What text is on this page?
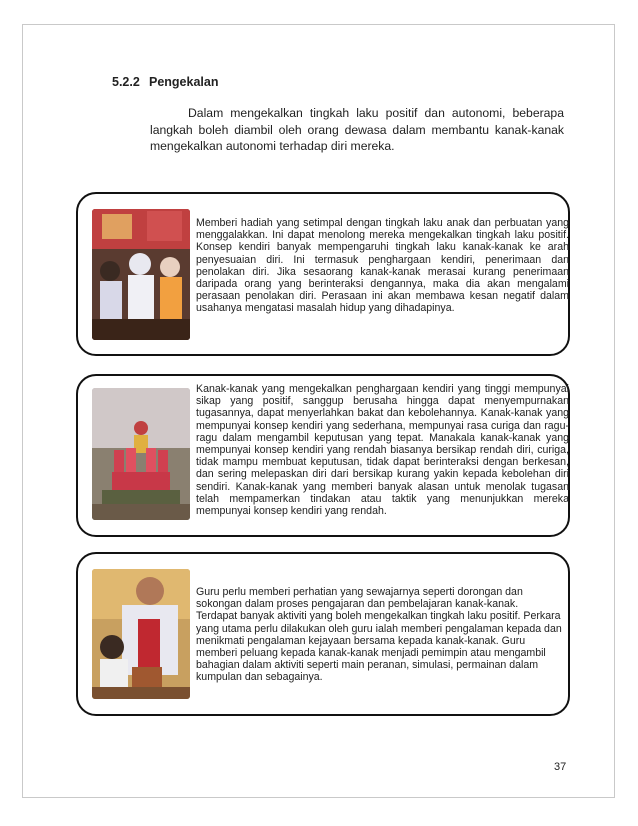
5.2.2 Pengekalan

Dalam mengekalkan tingkah laku positif dan autonomi, beberapa langkah boleh diambil oleh orang dewasa dalam membantu kanak-kanak mengekalkan autonomi terhadap diri mereka.

Memberi hadiah yang setimpal dengan tingkah laku anak dan perbuatan yang menggalakkan. Ini dapat menolong mereka mengekalkan tingkah laku positif. Konsep kendiri banyak mempengaruhi tingkah laku kanak-kanak ke arah penyesuaian diri. Ini termasuk penghargaan kendiri, penerimaan dan penolakan diri. Jika sesaorang kanak-kanak merasai kurang penerimaan daripada orang yang berinteraksi dengannya, maka dia akan mengalami perasaan penolakan diri. Perasaan ini akan membawa kesan negatif dalam usahanya mengatasi masalah hidup yang dihadapinya.

Kanak-kanak yang mengekalkan penghargaan kendiri yang tinggi mempunyai sikap yang positif, sanggup berusaha hingga dapat menyempurnakan tugasannya, dapat menyerlahkan bakat dan kebolehannya. Kanak-kanak yang mempunyai konsep kendiri yang sederhana, mempunyai rasa curiga dan ragu-ragu dalam mengambil keputusan yang tepat. Manakala kanak-kanak yang mempunyai konsep kendiri yang rendah biasanya bersikap rendah diri, curiga, tidak mampu membuat keputusan, tidak dapat berinteraksi dengan berkesan, dan sering melepaskan diri dari bersikap kurang yakin kepada kebolehan diri sendiri. Kanak-kanak yang memberi banyak alasan untuk menolak tugasan telah mempamerkan tindakan atau taktik yang menunjukkan mereka mempunyai konsep kendiri yang rendah.

Guru perlu memberi perhatian yang sewajarnya seperti dorongan dan sokongan dalam proses pengajaran dan pembelajaran kanak-kanak. Terdapat banyak aktiviti yang boleh mengekalkan tingkah laku positif. Perkara yang utama perlu dilakukan oleh guru ialah memberi pengalaman kepada dan menikmati pengalaman kejayaan bersama kepada kanak-kanak. Guru memberi peluang kepada kanak-kanak menjadi pemimpin atau mengambil bahagian dalam aktiviti seperti main peranan, simulasi, permainan dalam kumpulan dan sebagainya.

37
